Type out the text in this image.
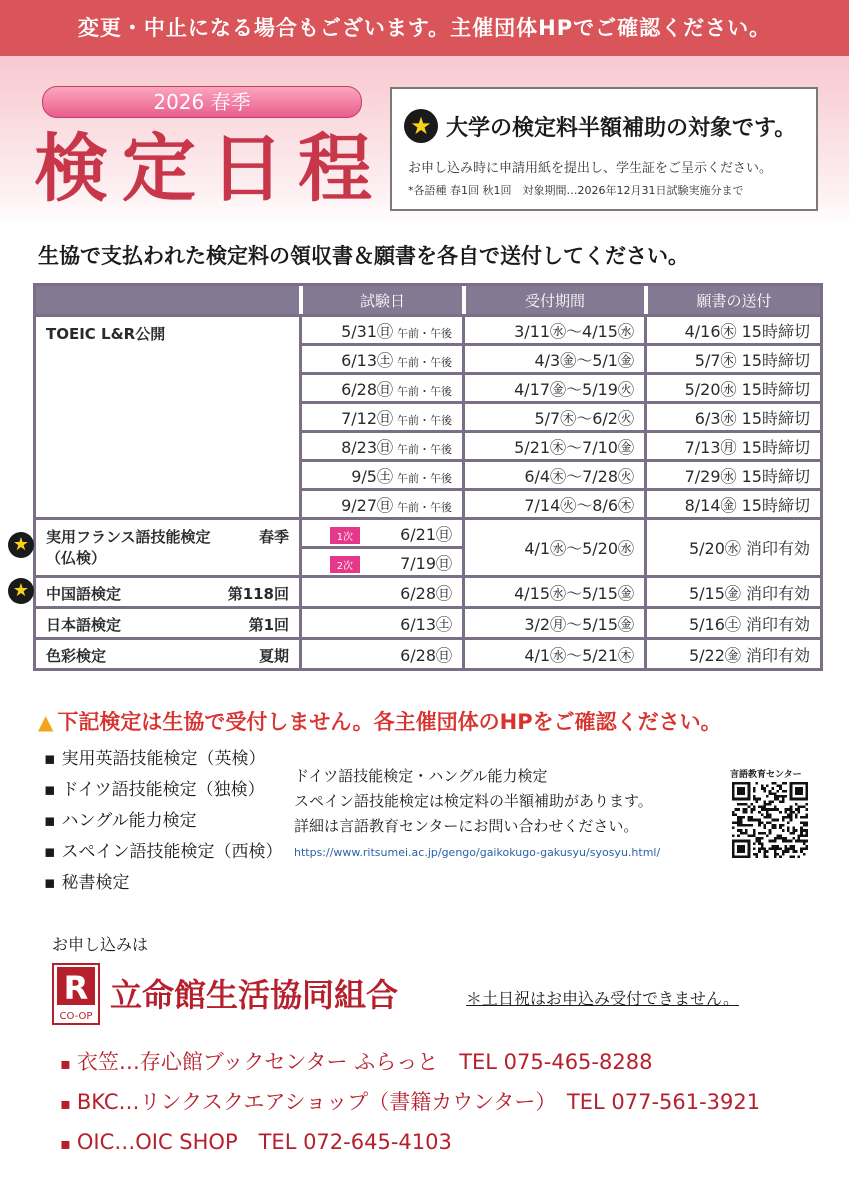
変更・中止になる場合もございます。主催団体HPでご確認ください。
2026 春季
検定日程 ★ 大学の検定料半額補助の対象です。
お申し込み時に申請用紙を提出し、学生証をご呈示ください。
*各語種 春1回 秋1回　対象期間…2026年12月31日試験実施分まで
生協で支払われた検定料の領収書＆願書を各自で送付してください。
	試験日	受付期間	願書の送付
TOEIC L&R公開	5/31㊐ 午前・午後	3/11㊌～4/15㊌	4/16㊍ 15時締切
	6/13㊏ 午前・午後	4/3㊎～5/1㊎	5/7㊍ 15時締切
	6/28㊐ 午前・午後	4/17㊎～5/19㊋	5/20㊌ 15時締切
	7/12㊐ 午前・午後	5/7㊍～6/2㊋	6/3㊌ 15時締切
	8/23㊐ 午前・午後	5/21㊍～7/10㊎	7/13㊊ 15時締切
	9/5㊏ 午前・午後	6/4㊍～7/28㊋	7/29㊌ 15時締切
	9/27㊐ 午前・午後	7/14㊋～8/6㊍	8/14㊎ 15時締切

実用フランス語技能検定 春季
（仏検）	1次 6/21㊐	4/1㊌～5/20㊌	5/20㊌ 消印有効
	2次 7/19㊐		

中国語検定 第118回	6/28㊐	4/15㊌～5/15㊎	5/15㊎ 消印有効

日本語検定 第1回	6/13㊏	3/2㊊～5/15㊎	5/16㊏ 消印有効

色彩検定 夏期	6/28㊐	4/1㊌～5/21㊍	5/22㊎ 消印有効
★
★
▲ 下記検定は生協で受付しません。各主催団体のHPをご確認ください。
▪ 実用英語技能検定（英検）
▪ ドイツ語技能検定（独検）
▪ ハングル能力検定
▪ スペイン語技能検定（西検）
▪ 秘書検定
ドイツ語技能検定・ハングル能力検定
スペイン語技能検定は検定料の半額補助があります。
詳細は言語教育センターにお問い合わせください。
https://www.ritsumei.ac.jp/gengo/gaikokugo-gakusyu/syosyu.html/
言語教育センター
お申し込みは
R
CO-OP
立命館生活協同組合	＊土日祝はお申込み受付できません。
▪ 衣笠…存心館ブックセンター ふらっと　TEL 075-465-8288
▪ BKC…リンクスクエアショップ（書籍カウンター）　TEL 077-561-3921
▪ OIC…OIC SHOP　TEL 072-645-4103
